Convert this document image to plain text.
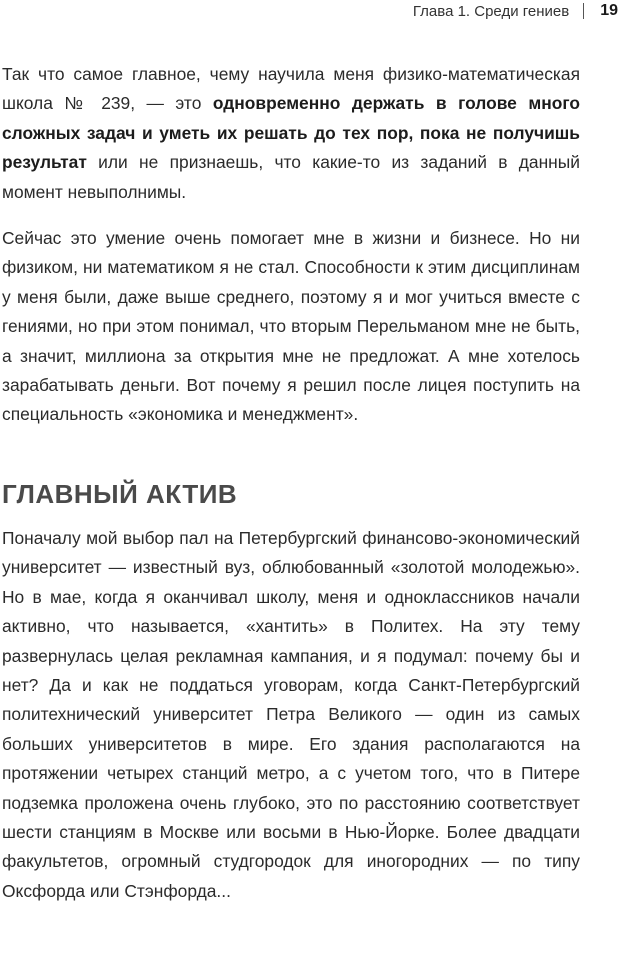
Глава 1. Среди гениев 19

Так что самое главное, чему научила меня физико-математическая школа № 239, — это одновременно держать в голове много сложных задач и уметь их решать до тех пор, пока не получишь результат или не признаешь, что какие-то из заданий в данный момент невыполнимы.

Сейчас это умение очень помогает мне в жизни и бизнесе. Но ни физиком, ни математиком я не стал. Способности к этим дисциплинам у меня были, даже выше среднего, поэтому я и мог учиться вместе с гениями, но при этом понимал, что вторым Перельманом мне не быть, а значит, миллиона за открытия мне не предложат. А мне хотелось зарабатывать деньги. Вот почему я решил после лицея поступить на специальность «экономика и менеджмент».

ГЛАВНЫЙ АКТИВ

Поначалу мой выбор пал на Петербургский финансово-экономический университет — известный вуз, облюбованный «золотой молодежью». Но в мае, когда я оканчивал школу, меня и одноклассников начали активно, что называется, «хантить» в Политех. На эту тему развернулась целая рекламная кампания, и я подумал: почему бы и нет? Да и как не поддаться уговорам, когда Санкт-Петербургский политехнический университет Петра Великого — один из самых больших университетов в мире. Его здания располагаются на протяжении четырех станций метро, а с учетом того, что в Питере подземка проложена очень глубоко, это по расстоянию соответствует шести станциям в Москве или восьми в Нью-Йорке. Более двадцати факультетов, огромный студгородок для иногородних — по типу Оксфорда или Стэнфорда...
